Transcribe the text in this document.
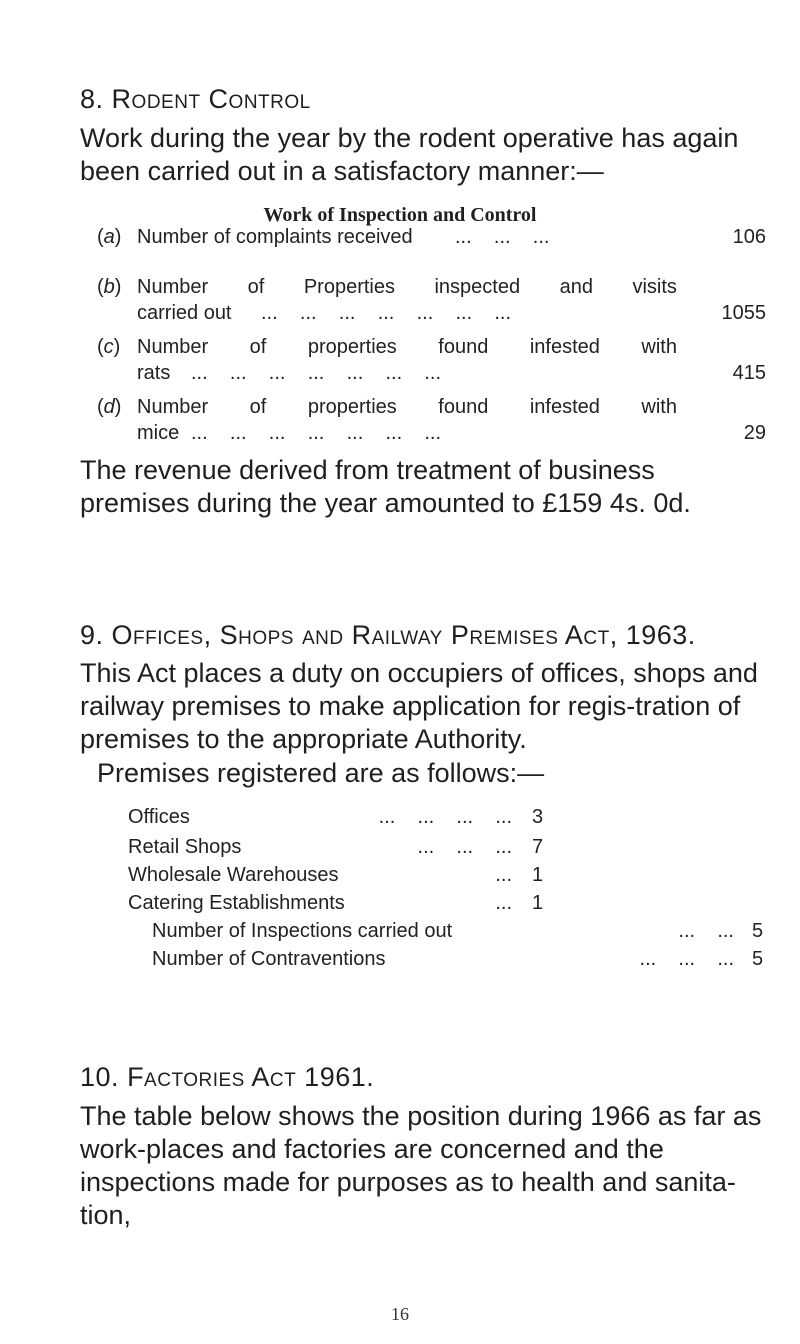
8. Rodent Control
Work during the year by the rodent operative has again been carried out in a satisfactory manner:—
Work of Inspection and Control
(a) Number of complaints received ...    ...    ...	106
(b) Number of Properties inspected and visits
carried out ...    ...    ...    ...    ...    ...    ...	1055
(c) Number of properties found infested with
rats ...    ...    ...    ...    ...    ...    ...	415
(d) Number of properties found infested with
mice ...    ...    ...    ...    ...    ...    ...	29
The revenue derived from treatment of business premises during the year amounted to £159 4s. 0d.
9. Offices, Shops and Railway Premises Act, 1963.
This Act places a duty on occupiers of offices, shops and railway premises to make application for regis-tration of premises to the appropriate Authority.
Premises registered are as follows:—
Offices	...    ...    ...    ... 3
Retail Shops	...    ...    ... 7
Wholesale Warehouses	... 1
Catering Establishments	... 1
Number of Inspections carried out	...    ... 5
Number of Contraventions	...    ...    ... 5
10. Factories Act 1961.
The table below shows the position during 1966 as far as work-places and factories are concerned and the inspections made for purposes as to health and sanita-tion,
16
